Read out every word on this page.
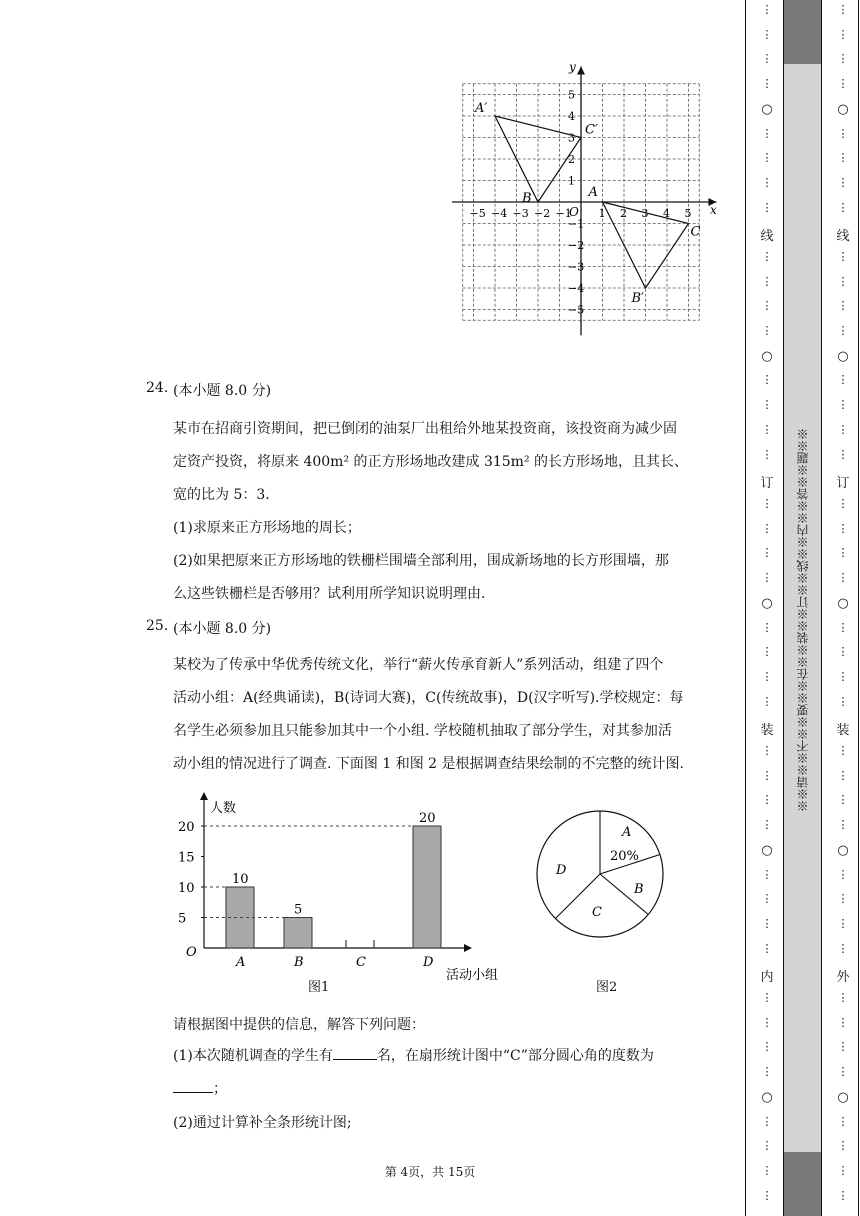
x
y
O
−5 −4 −3 −2 −1 1 2 3 4 5
5
4
3
2
1
−1
−2
−3
−4
−5
A′
B
C′
A
C
B′
24. (本小题 8.0 分)
某市在招商引资期间，把已倒闭的油泵厂出租给外地某投资商，该投资商为减少固
定资产投资，将原来 400m² 的正方形场地改建成 315m² 的长方形场地，且其长、
宽的比为 5：3．
(1)求原来正方形场地的周长；
(2)如果把原来正方形场地的铁栅栏围墙全部利用，围成新场地的长方形围墙，那
么这些铁栅栏是否够用？试利用所学知识说明理由.
25. (本小题 8.0 分)
某校为了传承中华优秀传统文化，举行“薪火传承育新人”系列活动，组建了四个
活动小组：A(经典诵读)，B(诗词大赛)，C(传统故事)，D(汉字听写).学校规定：每
名学生必须参加且只能参加其中一个小组. 学校随机抽取了部分学生，对其参加活
动小组的情况进行了调查. 下面图 1 和图 2 是根据调查结果绘制的不完整的统计图.
人数
活动小组
O
5
10
15
20
A
10
B
5
C	D
20
图1
A
20%
B
C
D
图2
请根据图中提供的信息，解答下列问题：
(1)本次随机调查的学生有	名，在扇形统计图中“C”部分圆心角的度数为
；
(2)通过计算补全条形统计图;
第 4页，共 15页
⋮
⋮
⋮
⋮
○
⋮
⋮
⋮
⋮
线
⋮
⋮
⋮
⋮
○
⋮
⋮
⋮
⋮
订
⋮
⋮
⋮
⋮
○
⋮
⋮
⋮
⋮
装
⋮
⋮
⋮
⋮
○
⋮
⋮
⋮
⋮
内
⋮
⋮
⋮
⋮
○
⋮
⋮
⋮
⋮
※※请※※不※※要※※在※※装※※订※※线※※内※※答※※题※※
⋮
⋮
⋮
⋮
○
⋮
⋮
⋮
⋮
线
⋮
⋮
⋮
⋮
○
⋮
⋮
⋮
⋮
订
⋮
⋮
⋮
⋮
○
⋮
⋮
⋮
⋮
装
⋮
⋮
⋮
⋮
○
⋮
⋮
⋮
⋮
外
⋮
⋮
⋮
⋮
○
⋮
⋮
⋮
⋮
